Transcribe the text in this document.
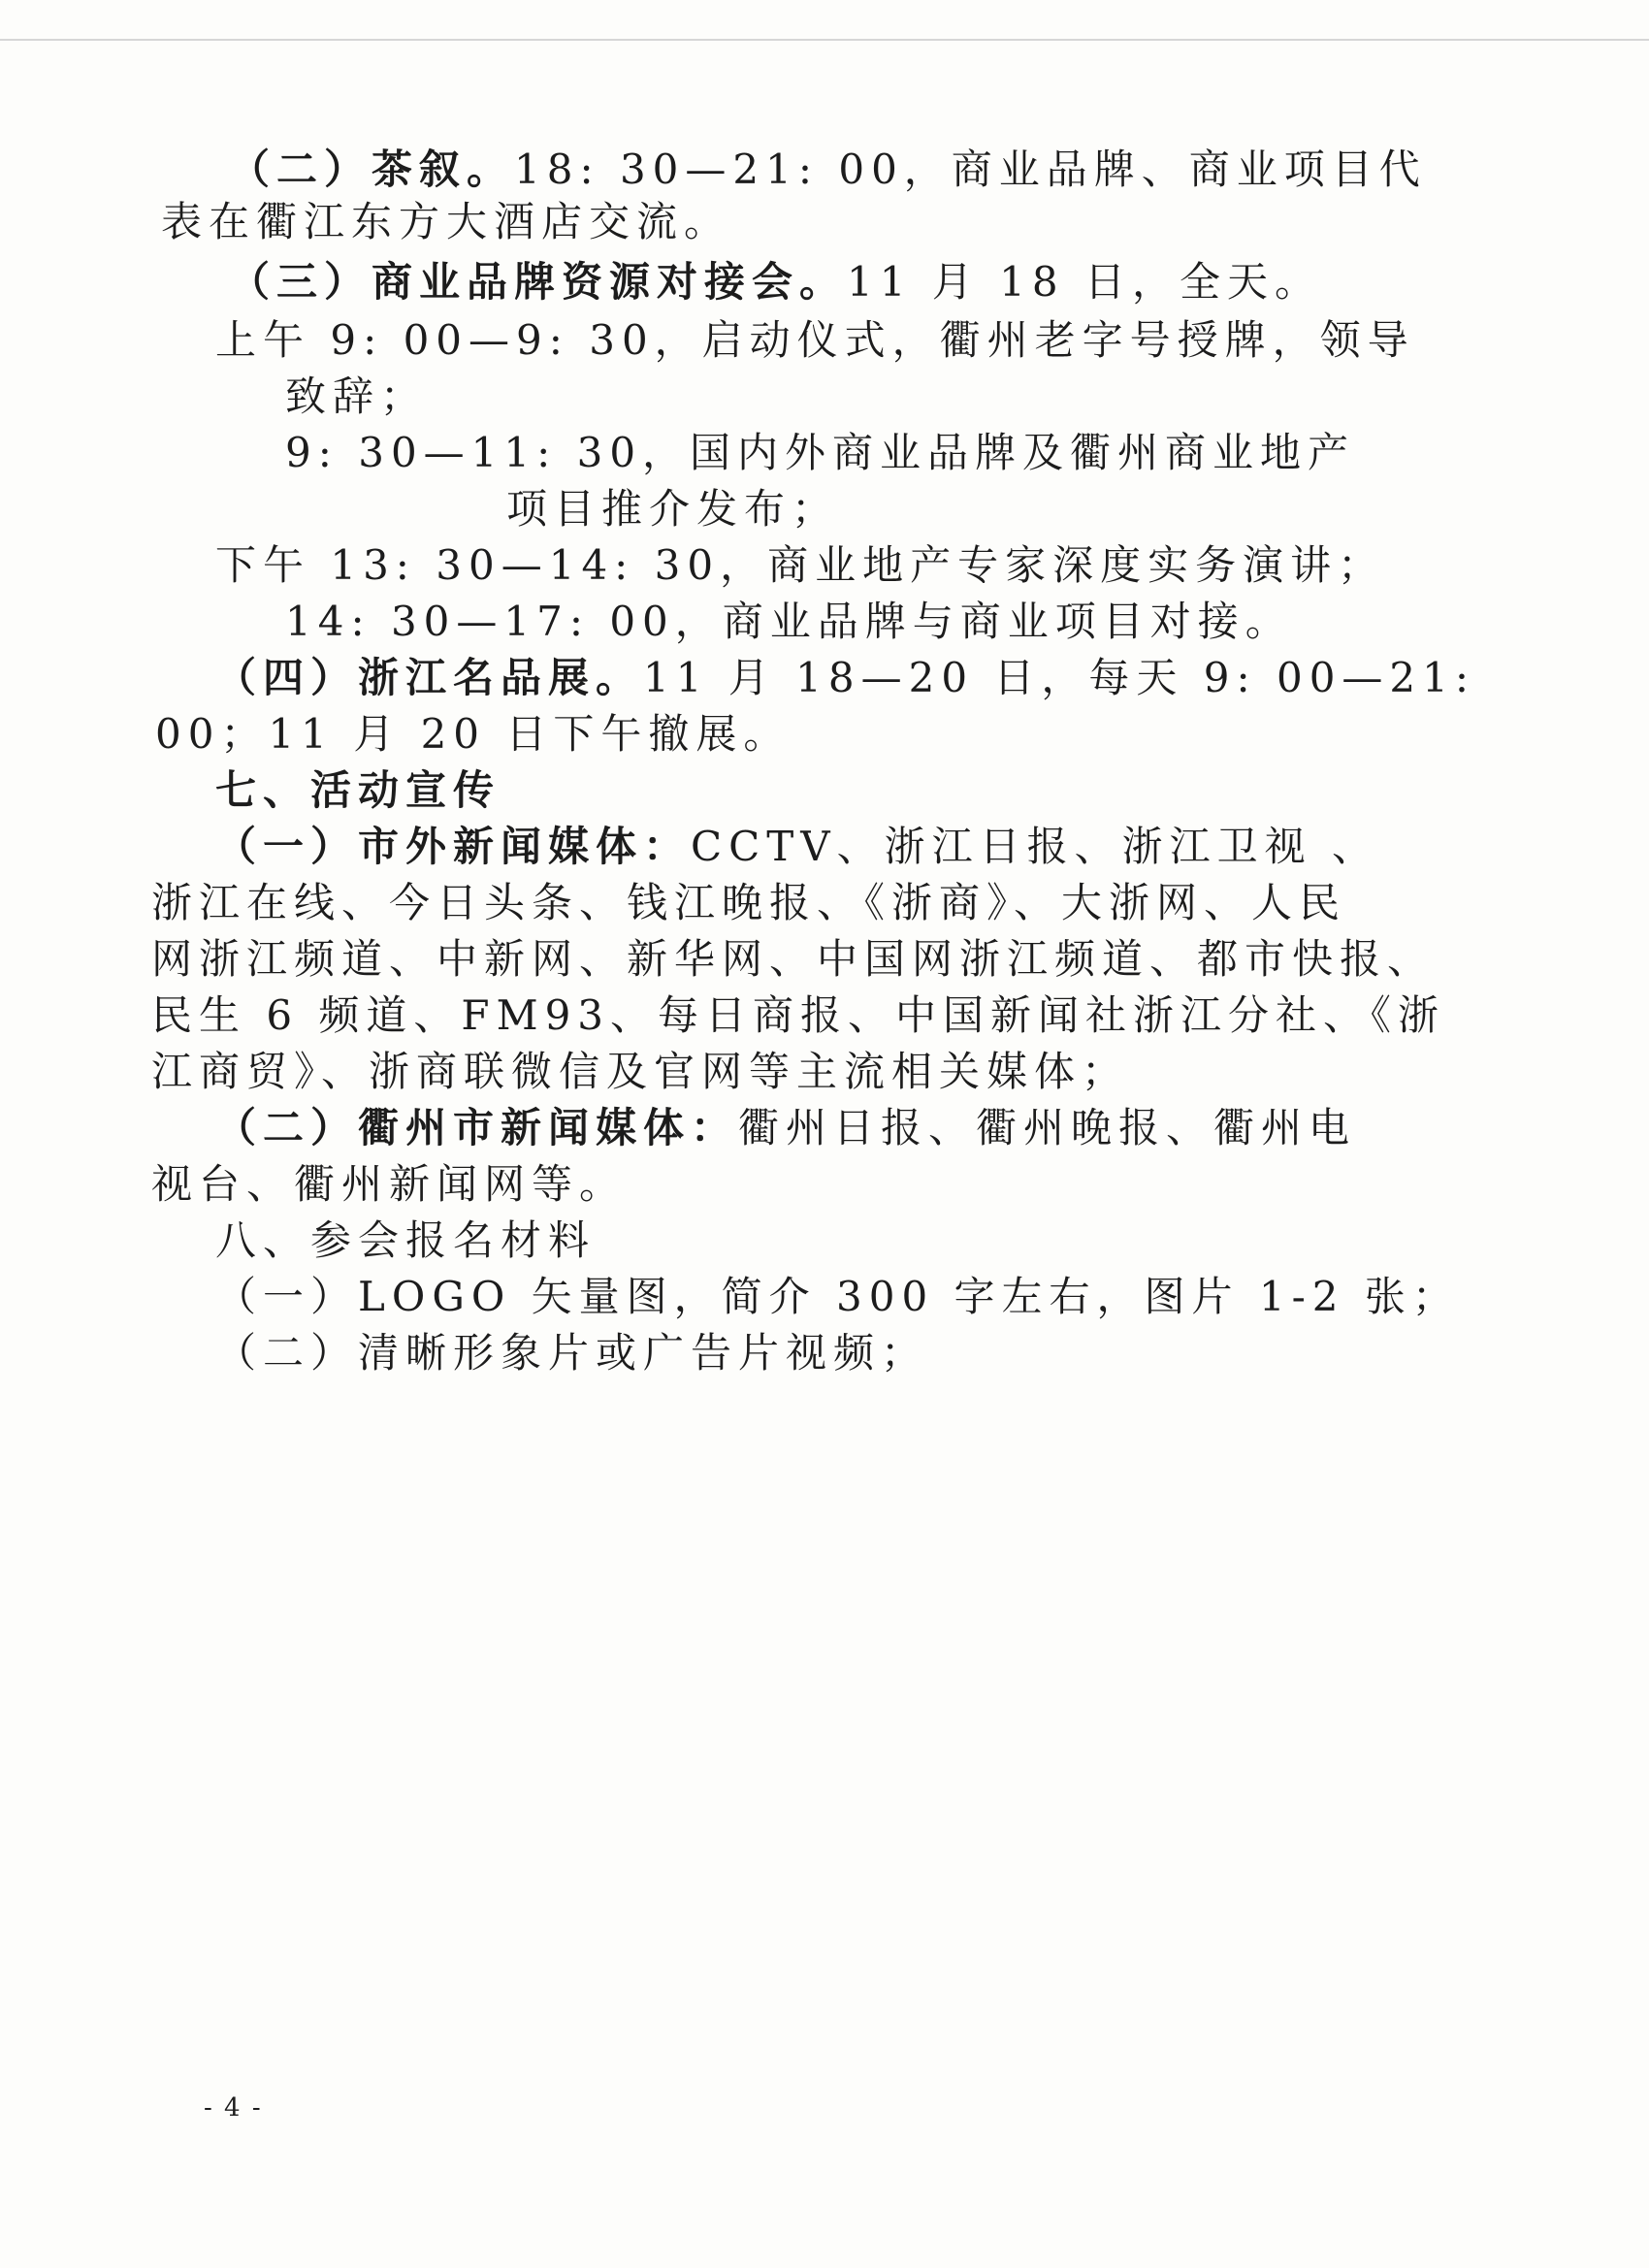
（二）茶叙。18: 30—21: 00，商业品牌、商业项目代
表在衢江东方大酒店交流。
（三）商业品牌资源对接会。11 月 18 日，全天。
上午 9: 00—9: 30，启动仪式，衢州老字号授牌，领导
致辞；
9: 30—11: 30，国内外商业品牌及衢州商业地产
项目推介发布；
下午 13: 30—14: 30，商业地产专家深度实务演讲；
14: 30—17: 00，商业品牌与商业项目对接。
（四）浙江名品展。11 月 18—20 日，每天 9: 00—21:
00；11 月 20 日下午撤展。
七、活动宣传
（一）市外新闻媒体：CCTV、浙江日报、浙江卫视 、
浙江在线、今日头条、钱江晚报、《浙商》、大浙网、人民
网浙江频道、中新网、新华网、中国网浙江频道、都市快报、
民生 6 频道、FM93、每日商报、中国新闻社浙江分社、《浙
江商贸》、浙商联微信及官网等主流相关媒体；
（二）衢州市新闻媒体：衢州日报、衢州晚报、衢州电
视台、衢州新闻网等。
八、参会报名材料
（一）LOGO 矢量图，简介 300 字左右，图片 1-2 张；
（二）清晰形象片或广告片视频；
- 4 -
